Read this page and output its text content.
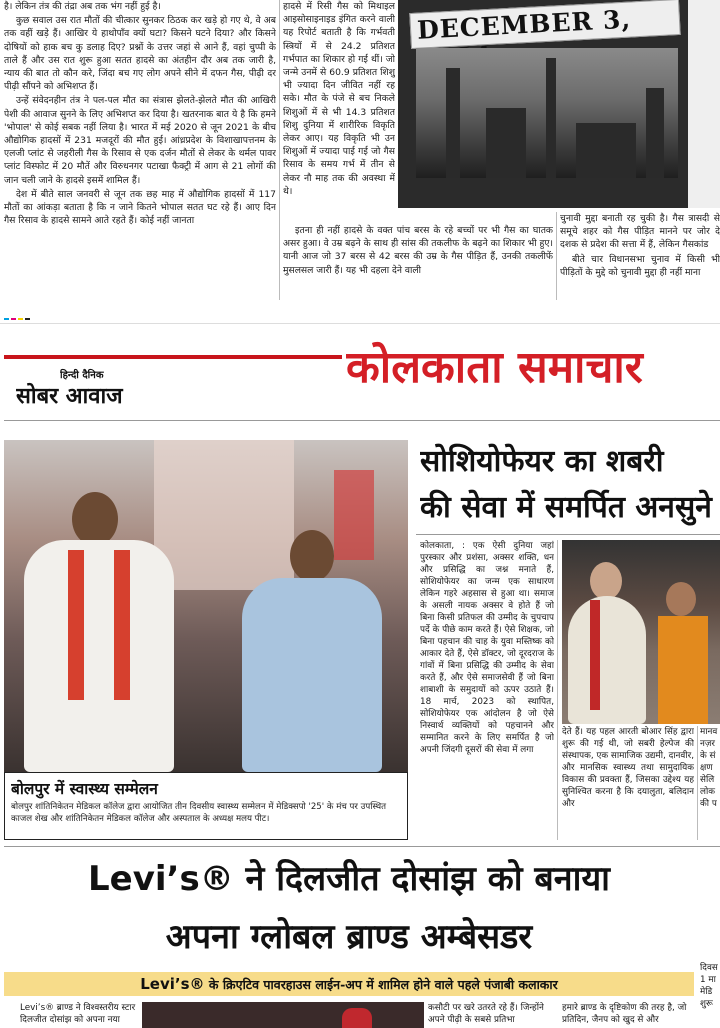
है। लेकिन तंत्र की तंद्रा अब तक भंग नहीं हुई है।

कुछ सवाल उस रात मौतों की चीत्कार सुनकर ठिठक कर खड़े हो गए थे, वे अब तक वहीं खड़े हैं। आखिर ये हाथोपाँव क्यों घटा? किसने घटने दिया? और किसने दोषियों को हाक बच कु डलाह दिए? प्रश्नों के उत्तर जहां से आने हैं, वहां चुप्पी के ताले हैं और उस रात शुरू हुआ सतत हादसे का अंतहीन दौर अब तक जारी है, न्याय की बात तो कौन करे, जिंदा बच गए लोग अपने सीने में दफन गैस, पीढ़ी दर पीढ़ी सौंपने को अभिशप्त हैं।

उन्हें संवेदनहीन तंत्र ने पल-पल मौत का संत्रास झेलते-झेलते मौत की आखिरी पेशी की आवाज सुनने के लिए अभिशप्त कर दिया है। खतरनाक बात ये है कि हमने 'भोपाल' से कोई सबक नहीं लिया है। भारत में मई 2020 से जून 2021 के बीच औद्योगिक हादसों में 231 मजदूरों की मौत हुई। आंध्रप्रदेश के विशाखापत्तनम के एलजी प्लांट से जहरीली गैस के रिसाव से एक दर्जन मौतों से लेकर के थर्मल पावर प्लांट विस्फोट में 20 मौतें और विरुधनगर पटाखा फैक्ट्री में आग से 21 लोगों की जान चली जाने के हादसे इसमें शामिल हैं।

देश में बीते साल जनवरी से जून तक छह माह में औद्योगिक हादसों में 117 मौतों का आंकड़ा बताता है कि न जाने कितने भोपाल सतत घट रहे हैं। आए दिन गैस रिसाव के हादसे सामने आते रहते हैं। कोई नहीं जानता

हादसे में रिसी गैस को मिथाइल आइसोसाइनाइड इंगित करने वाली यह रिपोर्ट बताती है कि गर्भवती स्त्रियों में से 24.2 प्रतिशत गर्भपात का शिकार हो गई थीं। जो जन्मे उनमें से 60.9 प्रतिशत शिशु भी ज्यादा दिन जीवित नहीं रह सके। मौत के पंजे से बच निकले शिशुओं में से भी 14.3 प्रतिशत शिशु दुनिया में शारीरिक विकृति लेकर आए। यह विकृति भी उन शिशुओं में ज्यादा पाई गई जो गैस रिसाव के समय गर्भ में तीन से लेकर नौ माह तक की अवस्था में थे।

इतना ही नहीं हादसे के वक्त पांच बरस के रहे बच्चों पर भी गैस का घातक असर हुआ। वे उम्र बढ़ने के साथ ही सांस की तकलीफ के बढ़ने का शिकार भी हुए। यानी आज जो 37 बरस से 42 बरस की उम्र के गैस पीड़ित हैं, उनकी तकलीफें मुसलसल जारी हैं। यह भी दहला देने वाली

DECEMBER 3,

चुनावी मुद्दा बनाती रह चुकी है। गैस त्रासदी से समूचे शहर को गैस पीड़ित मानने पर जोर दे दशक से प्रदेश की सत्ता में हैं, लेकिन गैसकांड

बीते चार विधानसभा चुनाव में किसी भी पीड़ितों के मुद्दे को चुनावी मुद्दा ही नहीं माना

हिन्दी दैनिक
सोबर आवाज
कोलकाता समाचार
बोलपुर में स्वास्थ्य सम्मेलन
बोलपुर शांतिनिकेतन मेडिकल कॉलेज द्वारा आयोजित तीन दिवसीय स्वास्थ्य सम्मेलन में मेडिक्सपो '25' के मंच पर उपस्थित काजल शेख और शांतिनिकेतन मेडिकल कॉलेज और अस्पताल के अध्यक्ष मलय पीट।
सोशियोफेयर का शबरी
की सेवा में समर्पित अनसुने
कोलकाता, : एक ऐसी दुनिया जहां पुरस्कार और प्रशंसा, अक्सर शक्ति, धन और प्रसिद्धि का जश्न मनाते हैं, सोशियोफेयर का जन्म एक साधारण लेकिन गहरे अहसास से हुआ था। समाज के असली नायक अक्सर वे होते हैं जो बिना किसी प्रतिफल की उम्मीद के चुपचाप पर्दे के पीछे काम करते हैं। ऐसे शिक्षक, जो बिना पहचान की चाह के युवा मस्तिष्क को आकार देते हैं, ऐसे डॉक्टर, जो दूरदराज के गांवों में बिना प्रसिद्धि की उम्मीद के सेवा करते हैं, और ऐसे समाजसेवी हैं जो बिना शाबाशी के समुदायों को ऊपर उठाते हैं। 18 मार्च, 2023 को स्थापित, सोशियोफेयर एक आंदोलन है जो ऐसे निस्वार्थ व्यक्तियों को पहचानने और सम्मानित करने के लिए समर्पित है जो अपनी जिंदगी दूसरों की सेवा में लगा
देते हैं। यह पहल आरती बोआर सिंह द्वारा शुरू की गई थी, जो सबरी हेल्पेज की संस्थापक, एक सामाजिक उद्यमी, दानवीर, और मानसिक स्वास्थ्य तथा सामुदायिक विकास की प्रवक्ता हैं, जिसका उद्देश्य यह सुनिश्चित करना है कि दयालुता, बलिदान और
मानव नज़र के सं क्षण सेलि लोक की प
Levi’s® ने दिलजीत दोसांझ को बनाया
अपना ग्लोबल ब्राण्ड अम्बेसडर
Levi’s® के क्रिएटिव पावरहाउस लाईन-अप में शामिल होने वाले पहले पंजाबी कलाकार
दिवस 1 मा मेडि शुरू
Levi’s® ब्राण्ड ने विश्वस्तरीय स्टार दिलजीत दोसांझ को अपना नया
कसौटी पर खरे उतरते रहे हैं। जिन्होंने अपने पीढ़ी के सबसे प्रतिभा
हमारे ब्राण्ड के दृष्टिकोण की तरह है, जो प्रतिदिन, जैनप को खुद से और
